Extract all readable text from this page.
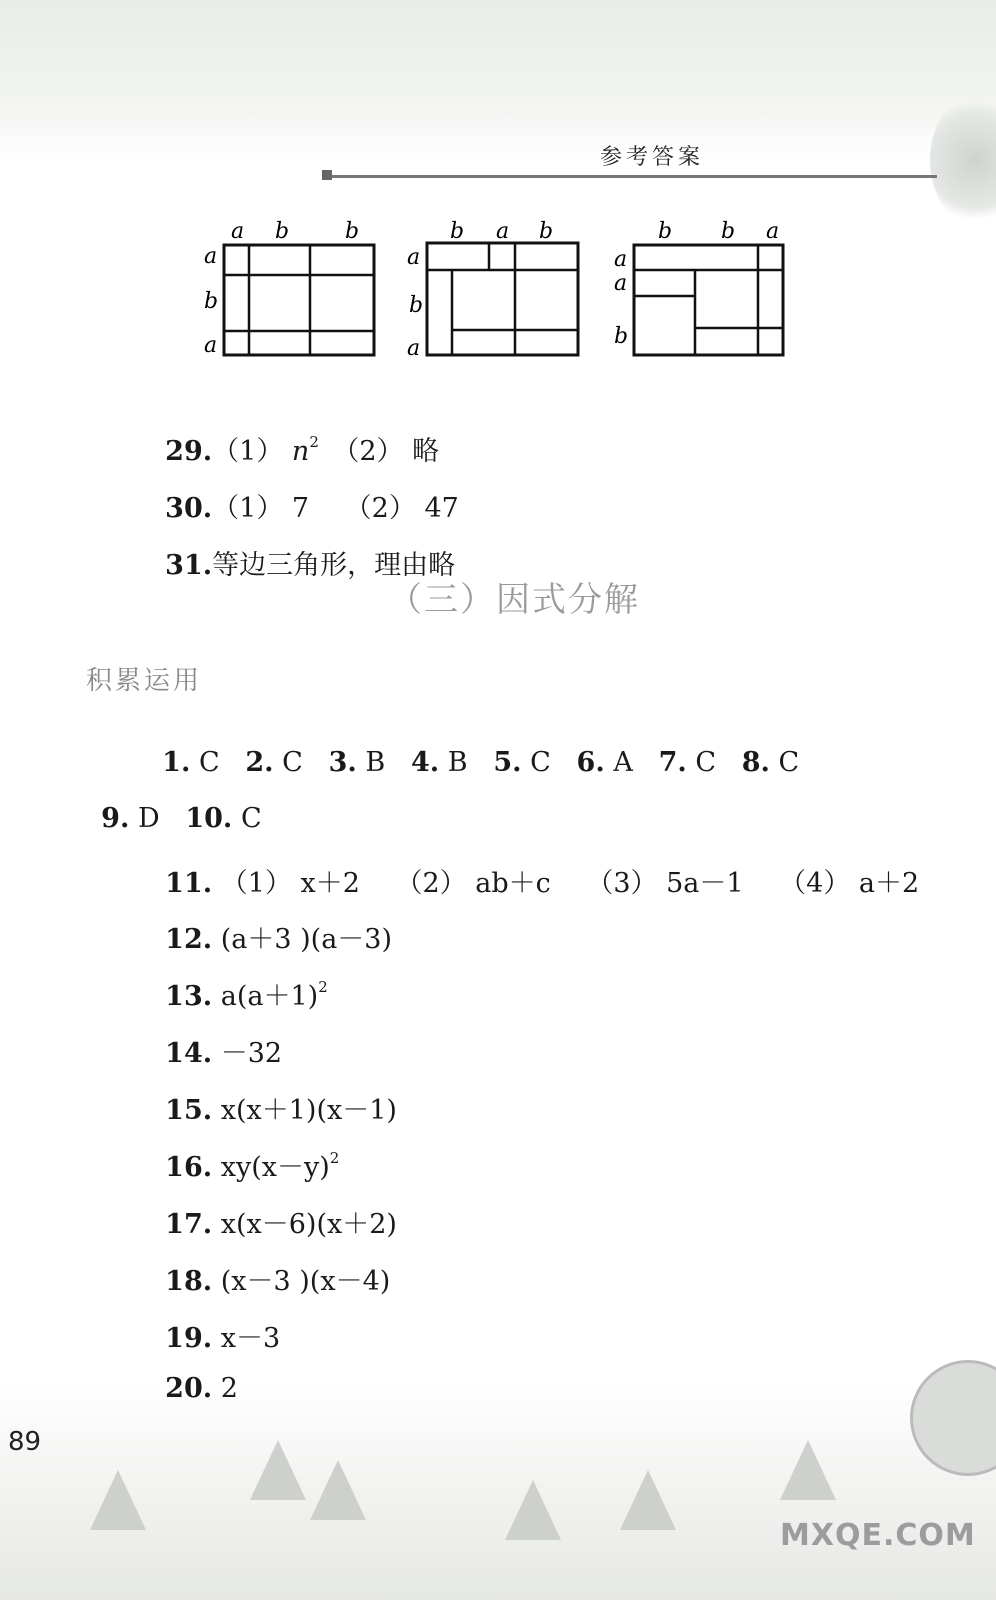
参考答案
a b	b
a
b
a
b a b
a
b
a
b b a
a
a
b

29.（1） $n^2$　（2） 略

30.（1） 7　 （2） 47

31.等边三角形，理由略

（三）因式分解
积累运用

1. C 2. C 3. B 4. B 5. C 6. A 7. C 8. C

9. D 10. C

11. （1） x＋2　 （2） ab＋c　 （3） 5a－1　 （4） a＋2

12. (a＋3 )(a－3)

13. $a(a+1)^2$

14. －32

15. x(x＋1)(x－1)

16. $xy(x-y)^2$

17. x(x－6)(x＋2)

18. (x－3 )(x－4)

19. x－3

20. 2

89
MXQE.COM
